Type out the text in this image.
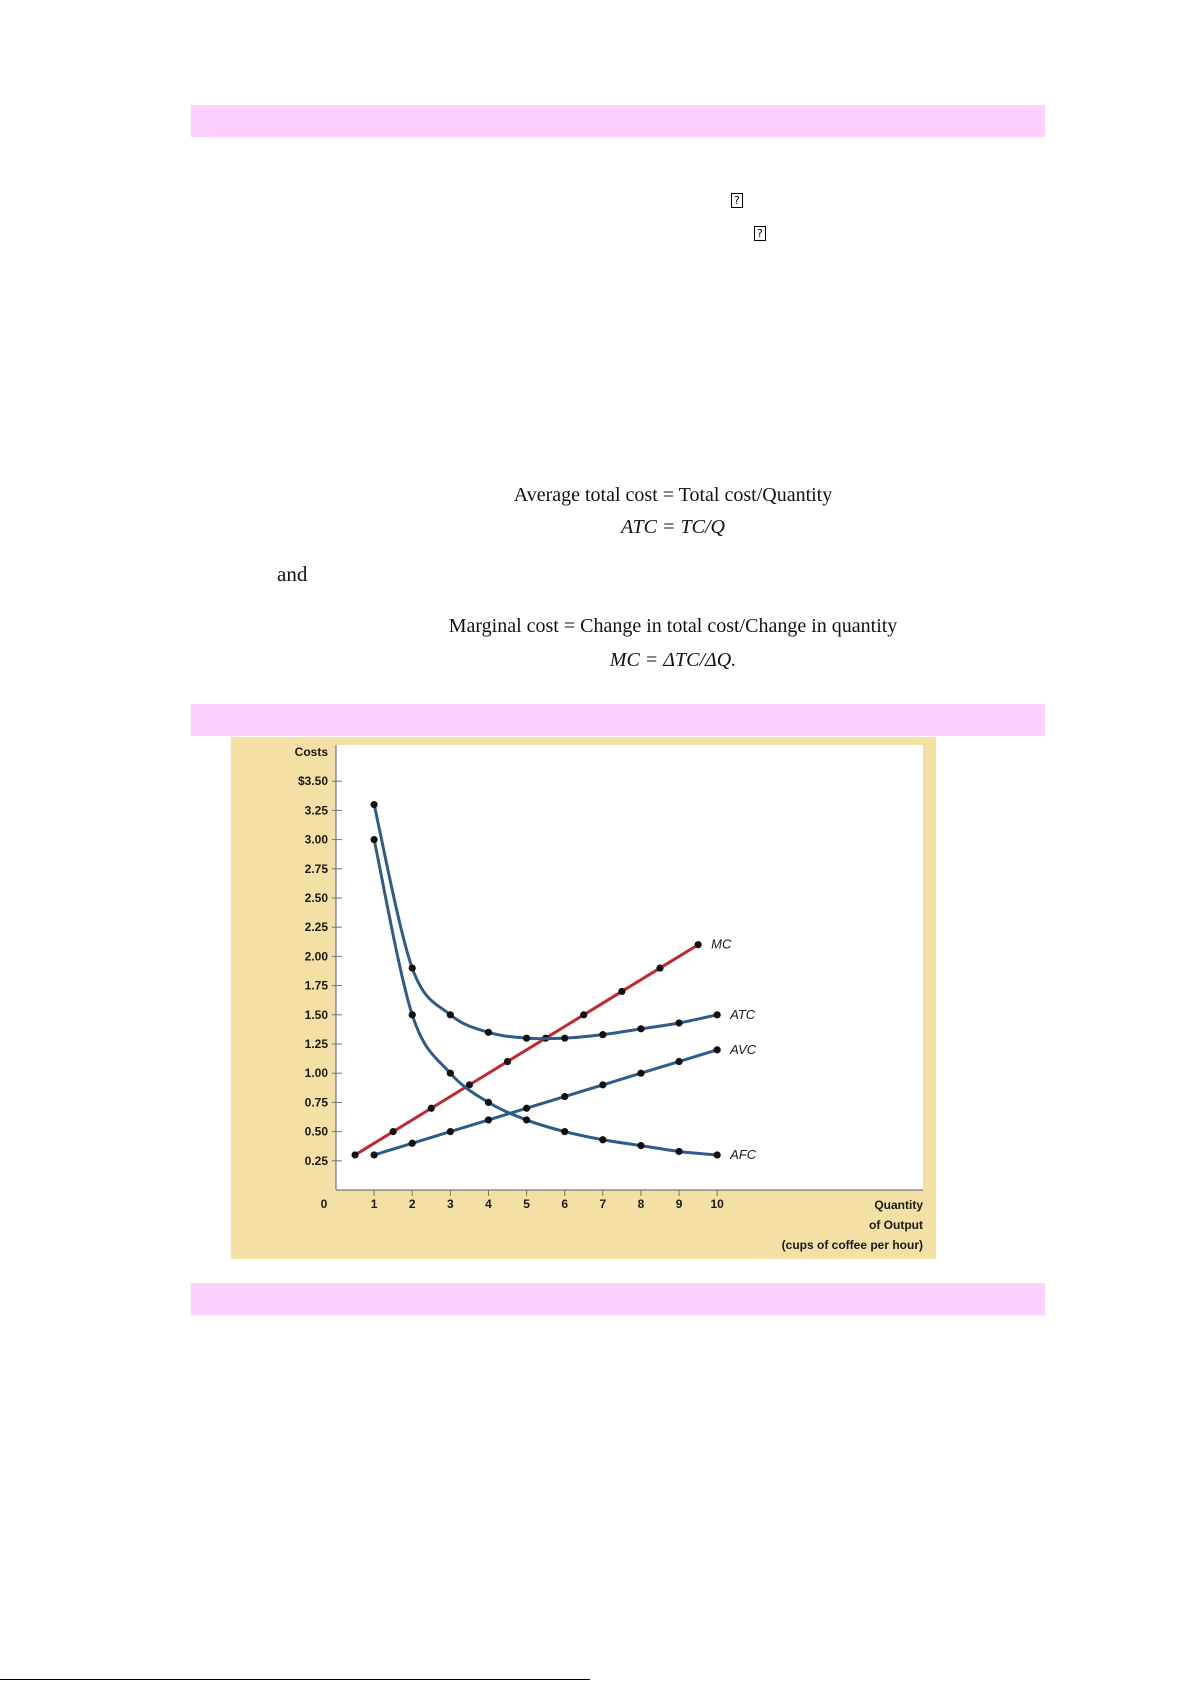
?
?
Average total cost = Total cost/Quantity
ATC = TC/Q
and
Marginal cost = Change in total cost/Change in quantity
MC = ΔTC/ΔQ.
$3.50
3.25
3.00
2.75
2.50
2.25
2.00
1.75
1.50
1.25
1.00
0.75
0.50
0.25
Costs
1	2	3	4	5	6	7	8	9 10
0	Quantity
of Output
(cups of coffee per hour)
MC
ATC
AVC
AFC
